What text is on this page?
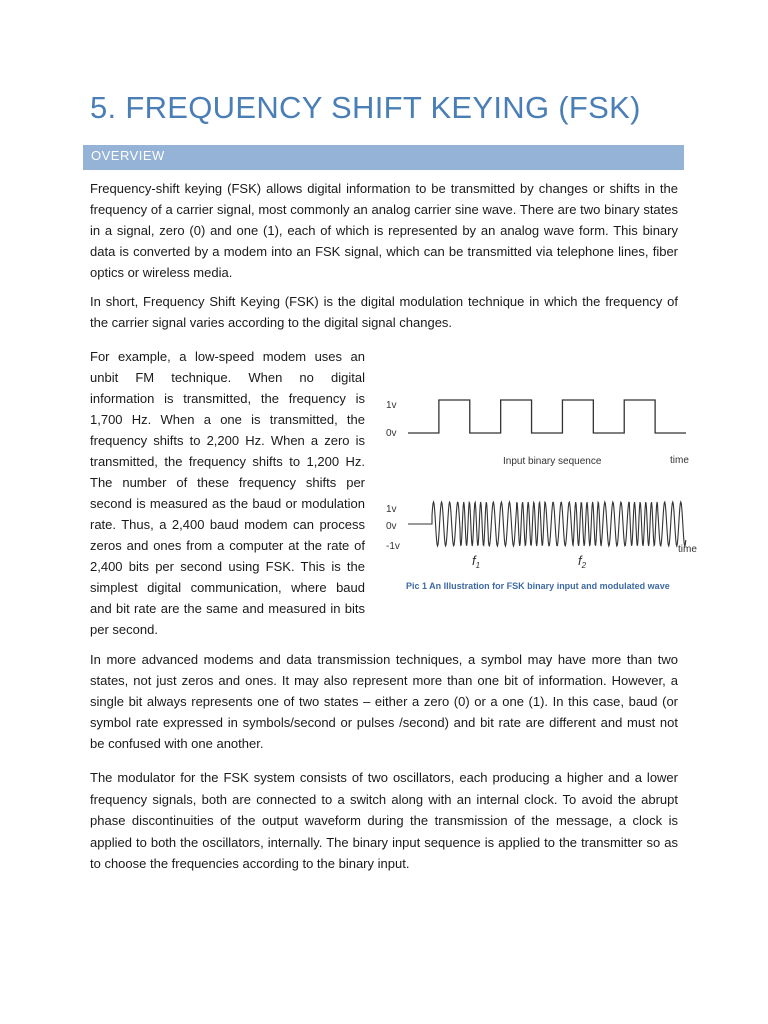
5. FREQUENCY SHIFT KEYING (FSK)
OVERVIEW

Frequency-shift keying (FSK) allows digital information to be transmitted by changes or shifts in the frequency of a carrier signal, most commonly an analog carrier sine wave. There are two binary states in a signal, zero (0) and one (1), each of which is represented by an analog wave form. This binary data is converted by a modem into an FSK signal, which can be transmitted via telephone lines, fiber optics or wireless media.

In short, Frequency Shift Keying (FSK) is the digital modulation technique in which the frequency of the carrier signal varies according to the digital signal changes.

For example, a low-speed modem uses an unbit FM technique. When no digital information is transmitted, the frequency is 1,700 Hz. When a one is transmitted, the frequency shifts to 2,200 Hz. When a zero is transmitted, the frequency shifts to 1,200 Hz. The number of these frequency shifts per second is measured as the baud or modulation rate. Thus, a 2,400 baud modem can process zeros and ones from a computer at the rate of 2,400 bits per second using FSK. This is the simplest digital communication, where baud and bit rate are the same and measured in bits per second.

1v
0v
Input binary sequence	time
1v
0v
-1v	time
$f_1$	$f_2$
Pic 1 An Illustration for FSK binary input and modulated wave

In more advanced modems and data transmission techniques, a symbol may have more than two states, not just zeros and ones. It may also represent more than one bit of information. However, a single bit always represents one of two states – either a zero (0) or a one (1). In this case, baud (or symbol rate expressed in symbols/second or pulses /second) and bit rate are different and must not be confused with one another.

The modulator for the FSK system consists of two oscillators, each producing a higher and a lower frequency signals, both are connected to a switch along with an internal clock. To avoid the abrupt phase discontinuities of the output waveform during the transmission of the message, a clock is applied to both the oscillators, internally. The binary input sequence is applied to the transmitter so as to choose the frequencies according to the binary input.
